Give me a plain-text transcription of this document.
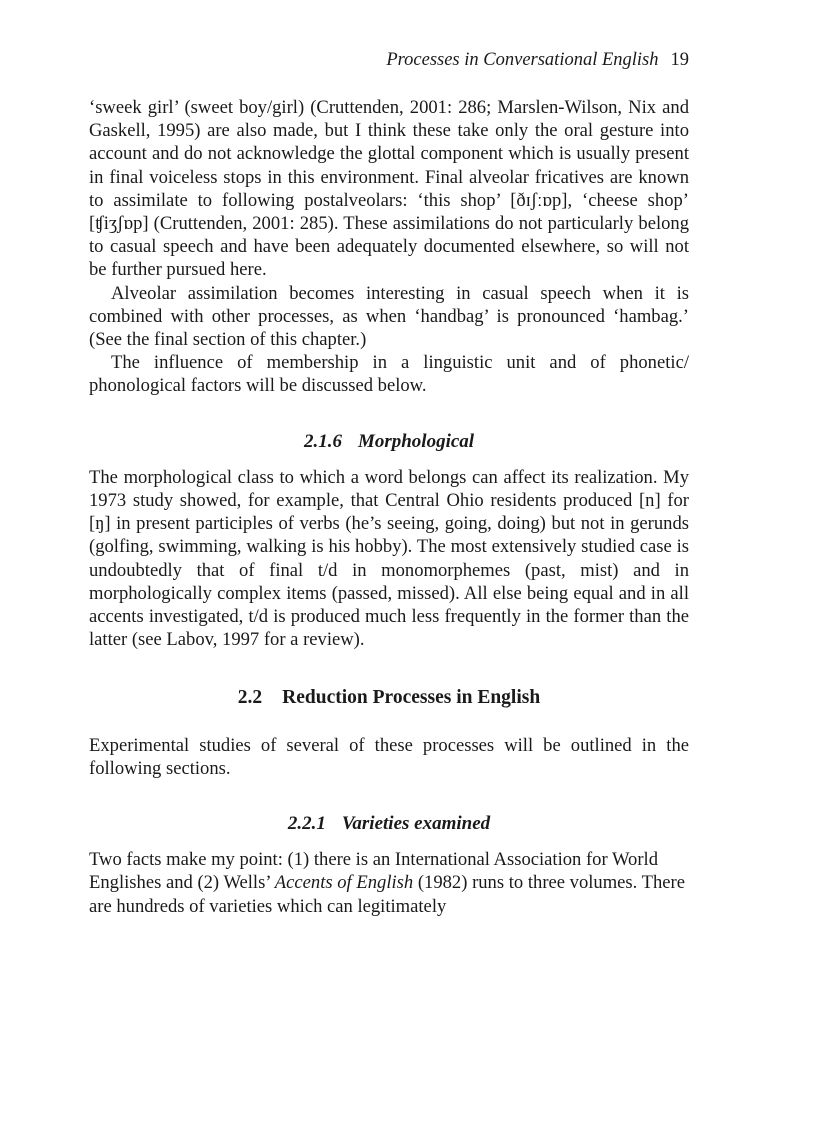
Processes in Conversational English 19

‘sweek girl’ (sweet boy/girl) (Cruttenden, 2001: 286; Marslen-Wilson, Nix and Gaskell, 1995) are also made, but I think these take only the oral gesture into account and do not acknowledge the glottal component which is usually present in final voiceless stops in this environment. Final alveolar fricatives are known to assimilate to following postalveolars: ‘this shop’ [ðɪʃːɒp], ‘cheese shop’ [ʧiʒʃɒp] (Cruttenden, 2001: 285). These assimilations do not particularly belong to casual speech and have been adequately documented elsewhere, so will not be further pursued here.

Alveolar assimilation becomes interesting in casual speech when it is combined with other processes, as when ‘handbag’ is pronounced ‘hambag.’ (See the final section of this chapter.)

The influence of membership in a linguistic unit and of phonetic/ phonological factors will be discussed below.

2.1.6 Morphological

The morphological class to which a word belongs can affect its realization. My 1973 study showed, for example, that Central Ohio residents produced [n] for [ŋ] in present participles of verbs (he’s seeing, going, doing) but not in gerunds (golfing, swimming, walking is his hobby). The most extensively studied case is undoubtedly that of final t/d in monomorphemes (past, mist) and in morphologically complex items (passed, missed). All else being equal and in all accents investigated, t/d is produced much less frequently in the former than the latter (see Labov, 1997 for a review).

2.2 Reduction Processes in English

Experimental studies of several of these processes will be outlined in the following sections.

2.2.1 Varieties examined

Two facts make my point: (1) there is an International Association for World Englishes and (2) Wells’ Accents of English (1982) runs to three volumes. There are hundreds of varieties which can legitimately
